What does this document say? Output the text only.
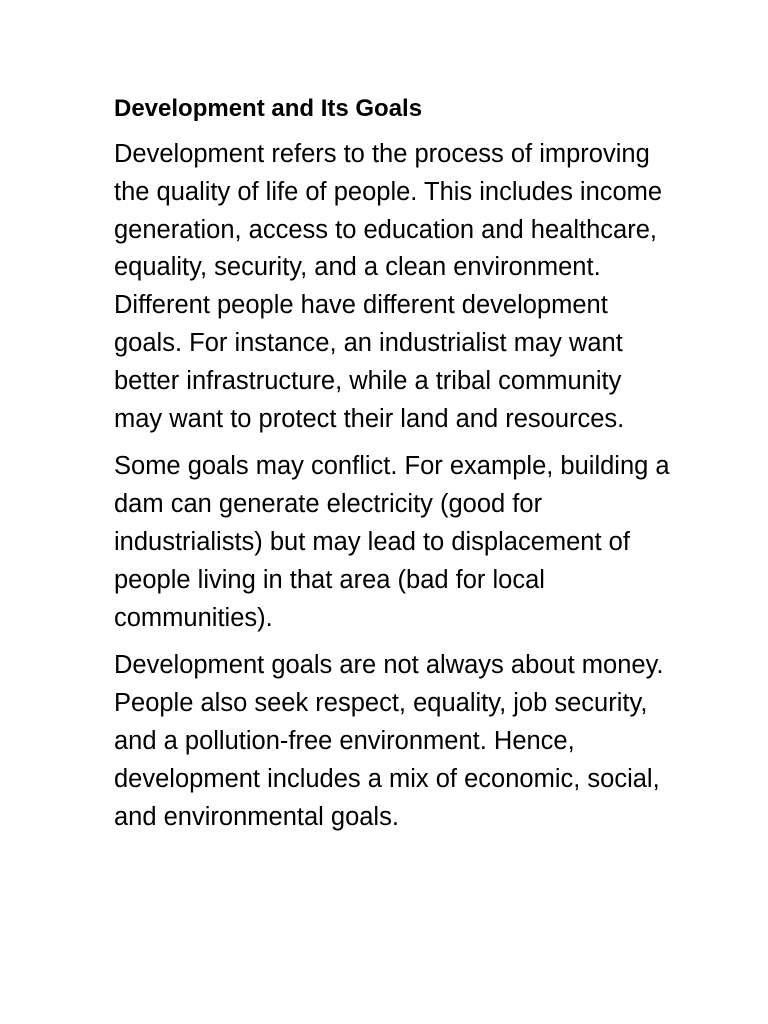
Development and Its Goals

Development refers to the process of improving the quality of life of people. This includes income generation, access to education and healthcare, equality, security, and a clean environment. Different people have different development goals. For instance, an industrialist may want better infrastructure, while a tribal community may want to protect their land and resources.

Some goals may conflict. For example, building a dam can generate electricity (good for industrialists) but may lead to displacement of people living in that area (bad for local communities).

Development goals are not always about money. People also seek respect, equality, job security, and a pollution-free environment. Hence, development includes a mix of economic, social, and environmental goals.
